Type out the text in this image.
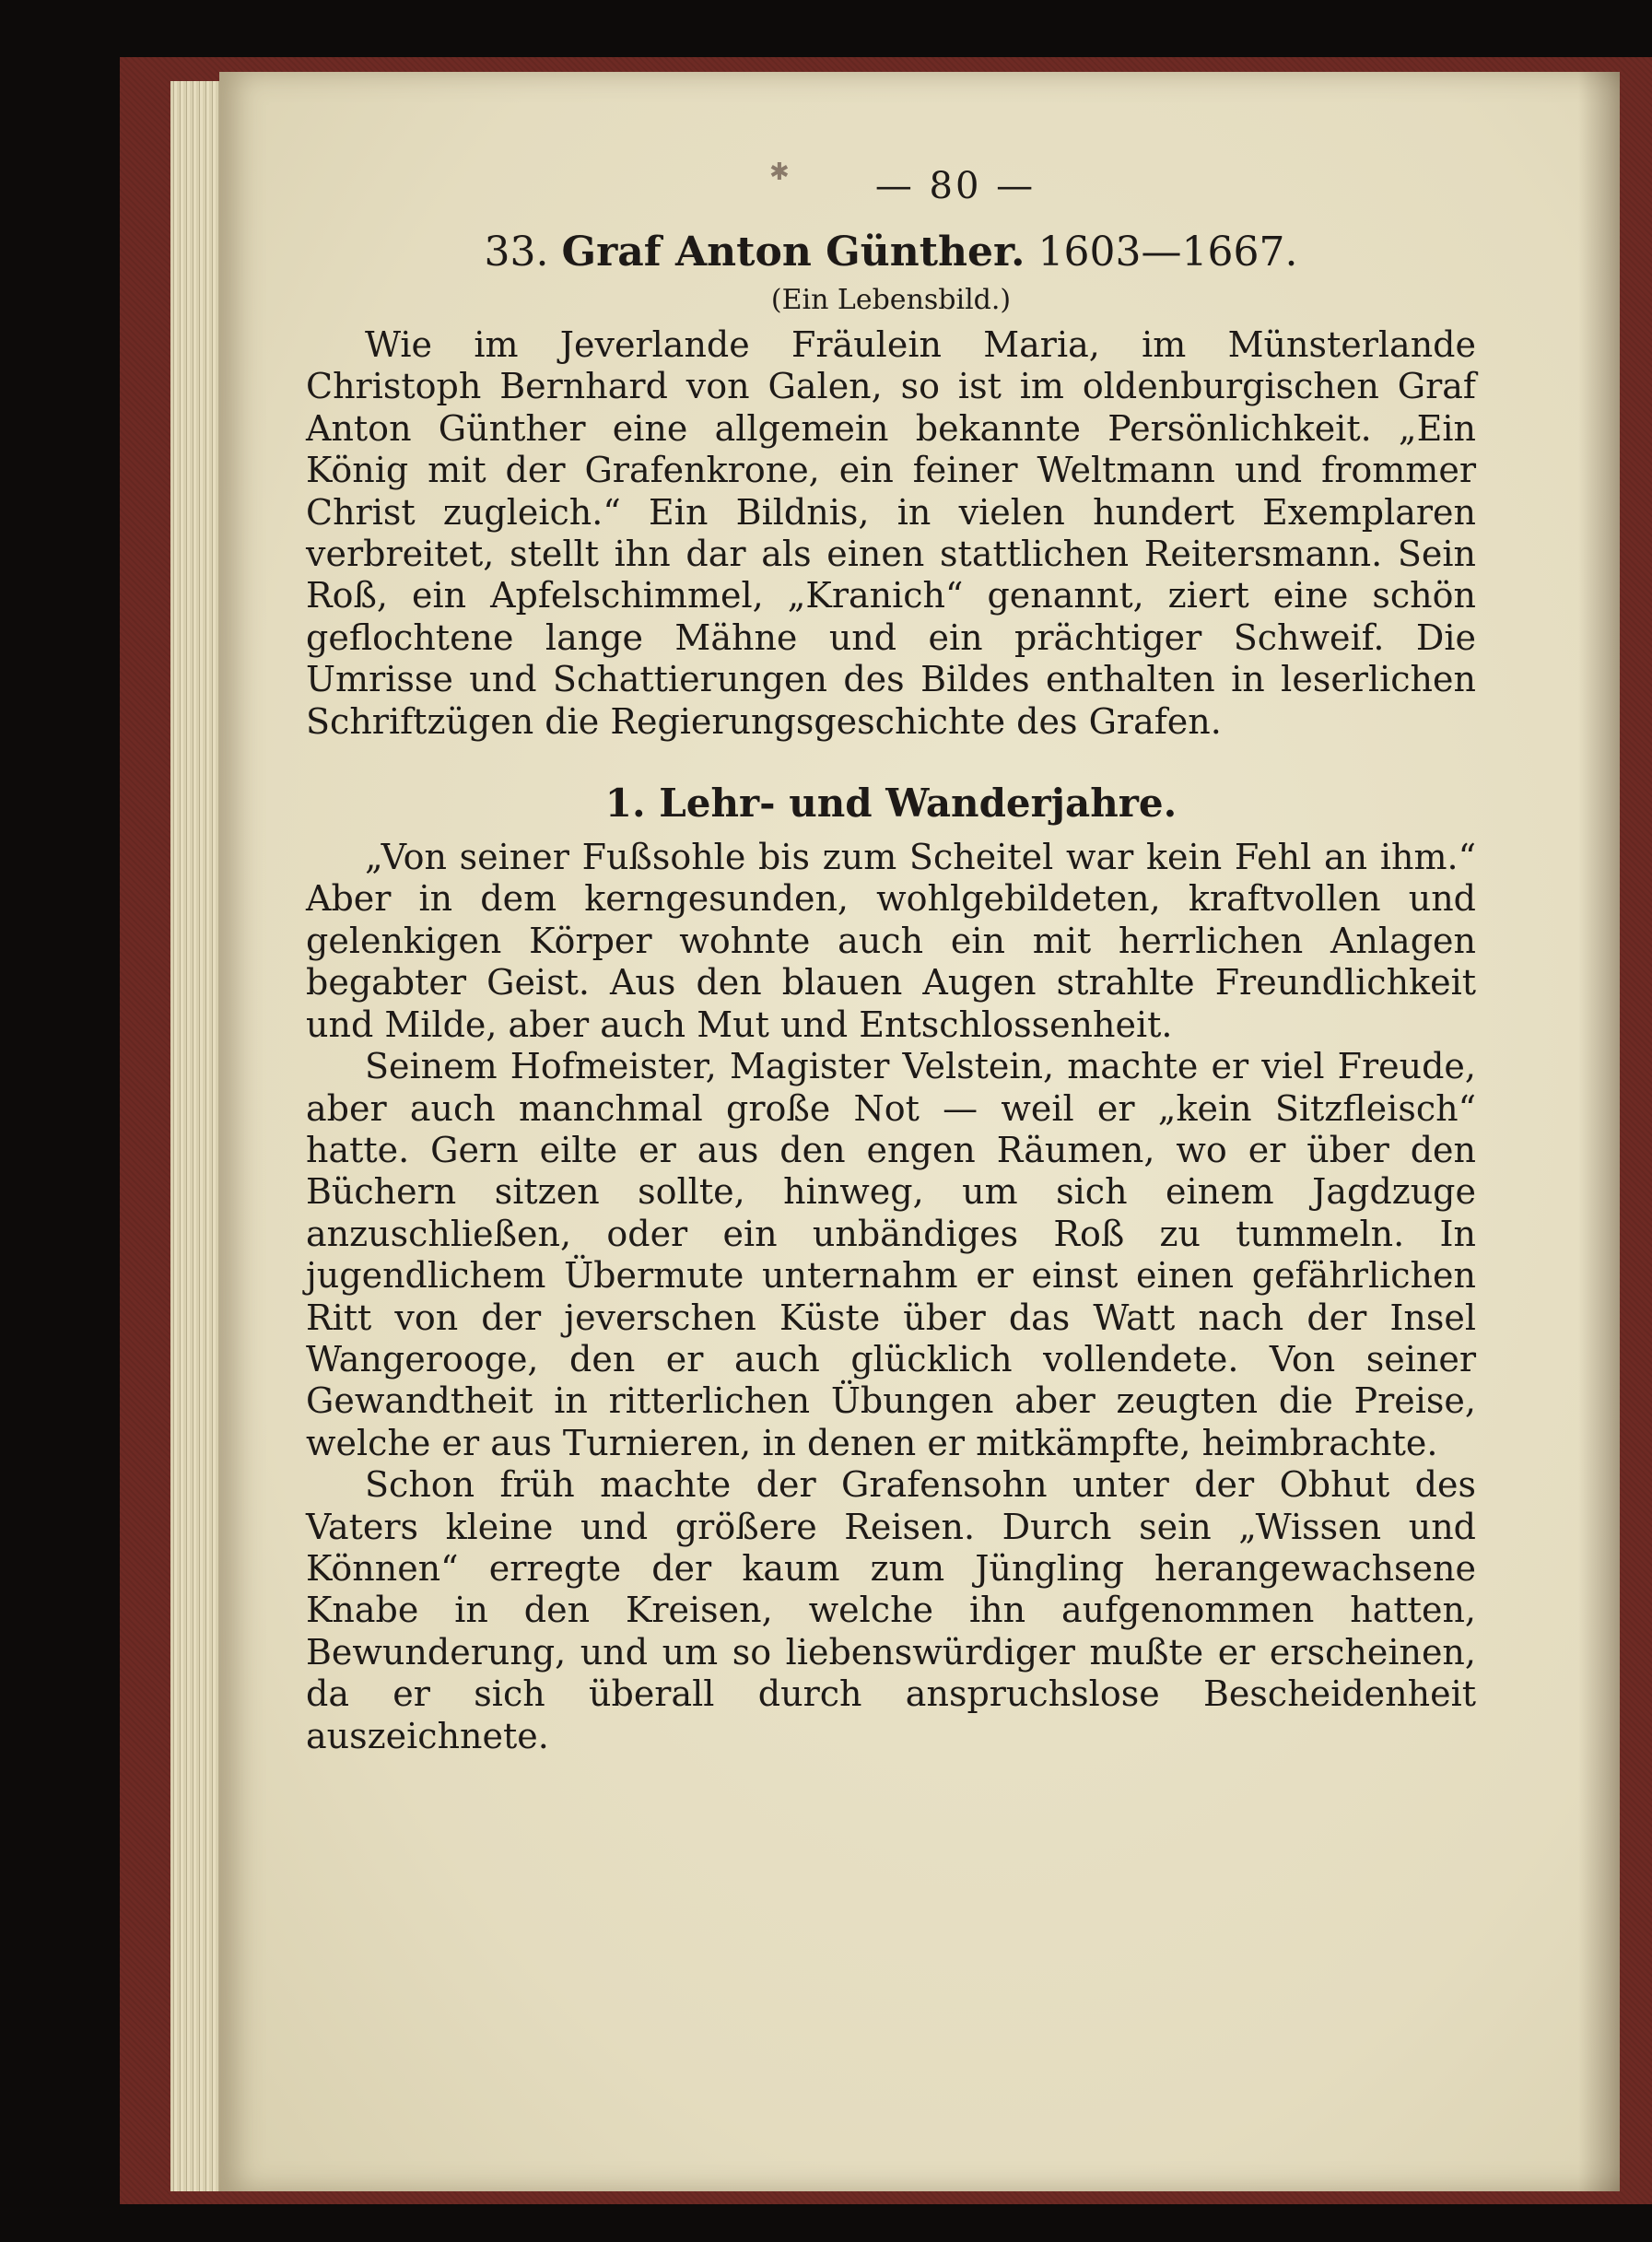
✱	— 80 —
33. Graf Anton Günther. 1603—1667.
(Ein Lebensbild.)

Wie im Jeverlande Fräulein Maria, im Münsterlande Christoph Bernhard von Galen, so ist im oldenburgischen Graf Anton Günther eine allgemein bekannte Persönlichkeit. „Ein König mit der Grafenkrone, ein feiner Weltmann und frommer Christ zugleich.“ Ein Bildnis, in vielen hundert Exemplaren verbreitet, stellt ihn dar als einen stattlichen Reitersmann. Sein Roß, ein Apfelschimmel, „Kranich“ genannt, ziert eine schön geflochtene lange Mähne und ein prächtiger Schweif. Die Umrisse und Schattierungen des Bildes enthalten in leserlichen Schriftzügen die Regierungsgeschichte des Grafen.

1. Lehr- und Wanderjahre.

„Von seiner Fußsohle bis zum Scheitel war kein Fehl an ihm.“ Aber in dem kerngesunden, wohlgebildeten, kraftvollen und gelenkigen Körper wohnte auch ein mit herrlichen Anlagen begabter Geist. Aus den blauen Augen strahlte Freundlichkeit und Milde, aber auch Mut und Entschlossenheit.

Seinem Hofmeister, Magister Velstein, machte er viel Freude, aber auch manchmal große Not — weil er „kein Sitzfleisch“ hatte. Gern eilte er aus den engen Räumen, wo er über den Büchern sitzen sollte, hinweg, um sich einem Jagdzuge anzuschließen, oder ein unbändiges Roß zu tummeln. In jugendlichem Übermute unternahm er einst einen gefährlichen Ritt von der jeverschen Küste über das Watt nach der Insel Wangerooge, den er auch glücklich vollendete. Von seiner Gewandtheit in ritterlichen Übungen aber zeugten die Preise, welche er aus Turnieren, in denen er mitkämpfte, heimbrachte.

Schon früh machte der Grafensohn unter der Obhut des Vaters kleine und größere Reisen. Durch sein „Wissen und Können“ erregte der kaum zum Jüngling herangewachsene Knabe in den Kreisen, welche ihn aufgenommen hatten, Bewunderung, und um so liebenswürdiger mußte er erscheinen, da er sich überall durch anspruchslose Bescheidenheit auszeichnete.
